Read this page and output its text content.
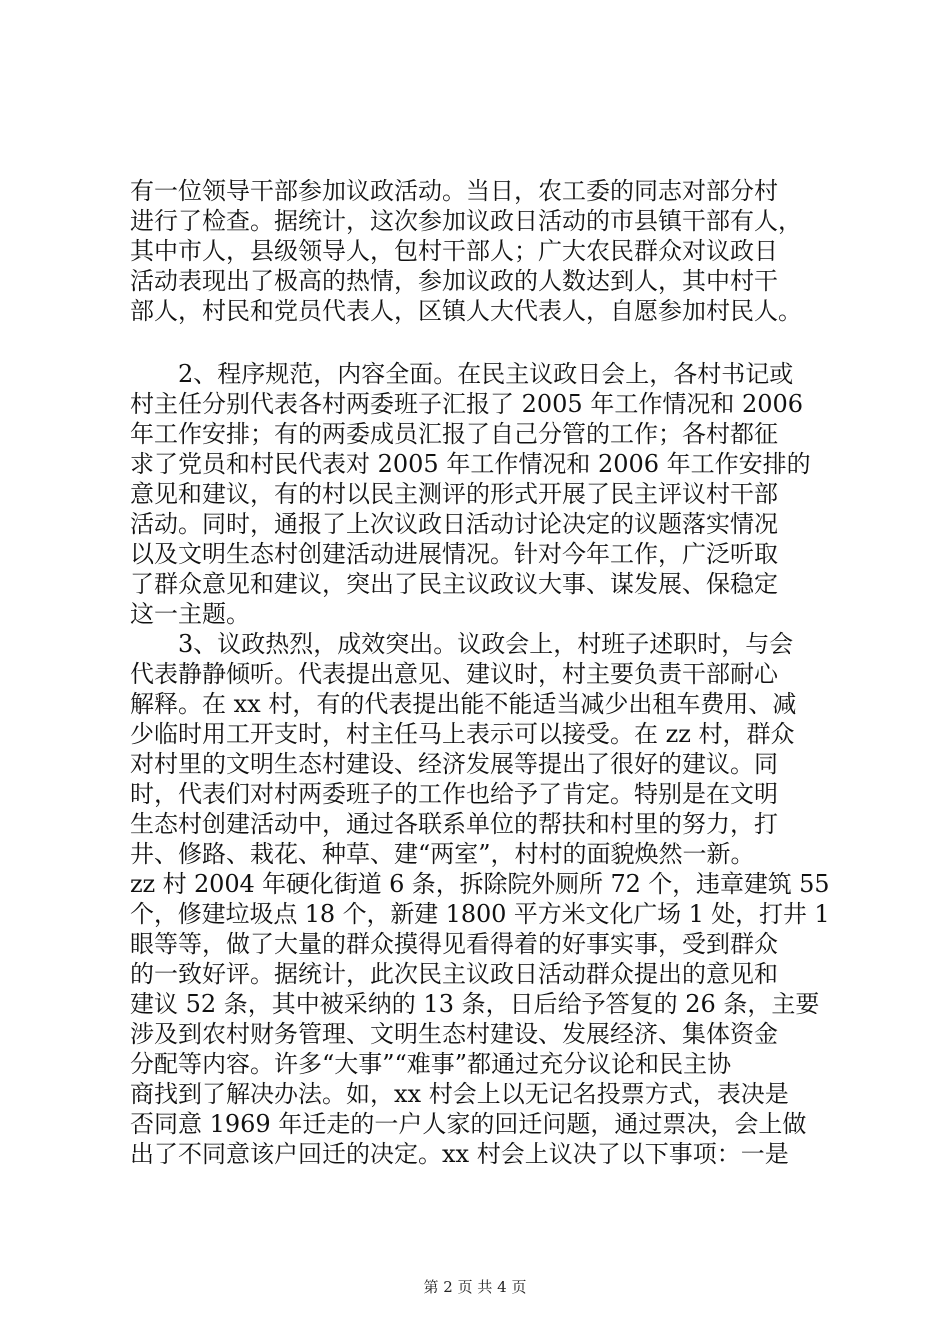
有一位领导干部参加议政活动。当日，农工委的同志对部分村
进行了检查。据统计，这次参加议政日活动的市县镇干部有人，
其中市人，县级领导人，包村干部人；广大农民群众对议政日
活动表现出了极高的热情，参加议政的人数达到人，其中村干
部人，村民和党员代表人，区镇人大代表人，自愿参加村民人。
　　2、程序规范，内容全面。在民主议政日会上，各村书记或
村主任分别代表各村两委班子汇报了 2005 年工作情况和 2006
年工作安排；有的两委成员汇报了自己分管的工作；各村都征
求了党员和村民代表对 2005 年工作情况和 2006 年工作安排的
意见和建议，有的村以民主测评的形式开展了民主评议村干部
活动。同时，通报了上次议政日活动讨论决定的议题落实情况
以及文明生态村创建活动进展情况。针对今年工作，广泛听取
了群众意见和建议，突出了民主议政议大事、谋发展、保稳定
这一主题。
　　3、议政热烈，成效突出。议政会上，村班子述职时，与会
代表静静倾听。代表提出意见、建议时，村主要负责干部耐心
解释。在 xx 村，有的代表提出能不能适当减少出租车费用、减
少临时用工开支时，村主任马上表示可以接受。在 zz 村，群众
对村里的文明生态村建设、经济发展等提出了很好的建议。同
时，代表们对村两委班子的工作也给予了肯定。特别是在文明
生态村创建活动中，通过各联系单位的帮扶和村里的努力，打
井、修路、栽花、种草、建“两室”，村村的面貌焕然一新。
zz 村 2004 年硬化街道 6 条，拆除院外厕所 72 个，违章建筑 55
个，修建垃圾点 18 个，新建 1800 平方米文化广场 1 处，打井 1
眼等等，做了大量的群众摸得见看得着的好事实事，受到群众
的一致好评。据统计，此次民主议政日活动群众提出的意见和
建议 52 条，其中被采纳的 13 条，日后给予答复的 26 条，主要
涉及到农村财务管理、文明生态村建设、发展经济、集体资金
分配等内容。许多“大事”“难事”都通过充分议论和民主协
商找到了解决办法。如，xx 村会上以无记名投票方式，表决是
否同意 1969 年迁走的一户人家的回迁问题，通过票决，会上做
出了不同意该户回迁的决定。xx 村会上议决了以下事项：一是
第 2 页 共 4 页
